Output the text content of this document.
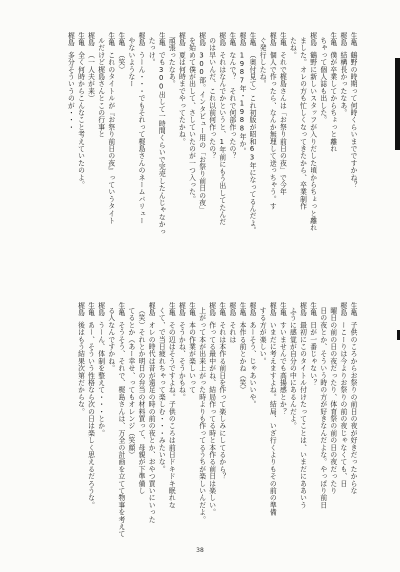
生亀鶴野の時期って何時くらいまでですかね？
梶島結構長かったなあ。
生亀僕が卒業してからちょっと離れ
ちゃって個人誌も出した。
梶島鶴野に新しいスタッフが入りだした頃からちょっと離れ
ました。オレの方も忙しくなってきたから、卒業制作
たね。
生亀それで梶島さんは「お祭り前日の夜」で今年
梶島個人で作ったら、なんか無理して送っちゃう。す
ぐ発行したね。
生亀（奥付見て）これ初版が昭和63年になってるんだよ。
梶島1987年・1988年か。
生亀なんで？　それで何部作ったの？
梶島それはなんでかというと、1年前にもう出してたんだ
のは早いんだ、これ以前何作ったの？
梶島300部。インタビュー用の「お祭り前日の夜」
を始めて僕が出して、さしていたのが一つ入った。
梶島夏は何時までやってたかね。
頑張ったなあ。
生亀でも300出して一時間くらいで完売したんじゃなかっ
たっけ。
梶島うーん・・・でもそれって梶島さんのネームバリュー
やないようなー
生亀（笑）
生亀これのタイトルが『お祭り前日の夜』っていうタイト
ルだけど梶島さんとこの行事と
梶島（一人夫が来）
生亀全く何時からこんなこと考えていたのよ。
梶島多分そういうのが・・・
生亀子供のころからお祭りの前日の夜が好きだったからな
梶島ーこーりは今よりお祭りの前の夜じゃなくても、日
曜日の前の日の夜だったり、体育祭の前の日の夜だったり
日の夜とか、そういう時の方が好きなんだよな。やっぱり前日
生亀日が一番じゃない？
梶島最初にこのタイトル付けたってことは、いまだにああいう
ふうに感覚が自分の中にあるんだよ。
生亀すいませんでも高揚感とか？
梶島いまだに考えますよね。結局、いざ行くよりもその前の準備
する方が楽しい。
梶島あーそう、じゃあいいや。
生亀本作る前とかね（笑）
梶島それは
生亀それは本作る前日を作って楽しみにしてるから？
梶島作ってる最中がね、結局作ってる時と本作る前日は楽しい。
上がって本が出来上がった時よりも作ってるうちが楽しいんだよ。
生亀本の作業が楽しいって
梶島そうかね、そうかもね。
生亀その辺はそうですよね。子供のころは前日ドキドキ眠れな
くて、で当日疲れちゃって楽しむ・・・みたいな。
梶島オレの時代は昔が遠足の時の前の夜とか、おやつ買いにいった
（笑）それとか明日の弁当の材料買って、母親が下準備し
てるとか（あー幸せ、ってもオレンジ（笑顔）
生亀そうそう、それで、梶島さんは、万全の計画を立てて物事を考えて
る人なんですかね。
梶島うーん、体制を整えて・・・とか。
生亀あー、そういう性格なら次の日は楽しく思えるだろうな。
梶島後はもう結果次第だからな。
38
